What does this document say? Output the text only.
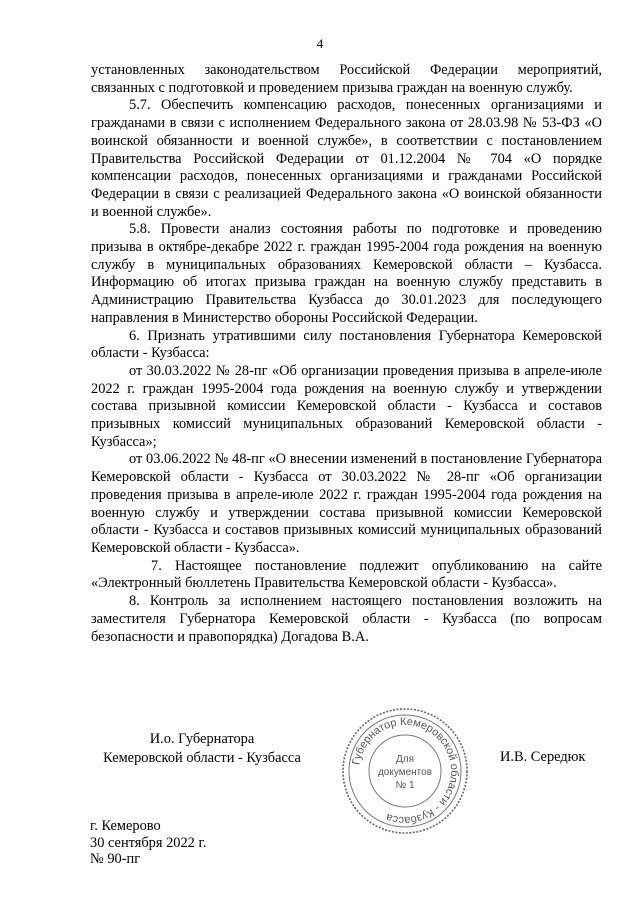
4

установленных законодательством Российской Федерации мероприятий, связанных с подготовкой и проведением призыва граждан на военную службу.

5.7. Обеспечить компенсацию расходов, понесенных организациями и гражданами в связи с исполнением Федерального закона от 28.03.98 № 53-ФЗ «О воинской обязанности и военной службе», в соответствии с постановлением Правительства Российской Федерации от 01.12.2004 № 704 «О порядке компенсации расходов, понесенных организациями и гражданами Российской Федерации в связи с реализацией Федерального закона «О воинской обязанности и военной службе».

5.8. Провести анализ состояния работы по подготовке и проведению призыва в октябре-декабре 2022 г. граждан 1995-2004 года рождения на военную службу в муниципальных образованиях Кемеровской области – Кузбасса. Информацию об итогах призыва граждан на военную службу представить в Администрацию Правительства Кузбасса до 30.01.2023 для последующего направления в Министерство обороны Российской Федерации.

6. Признать утратившими силу постановления Губернатора Кемеровской области - Кузбасса:

от 30.03.2022 № 28-пг «Об организации проведения призыва в апреле-июле 2022 г. граждан 1995-2004 года рождения на военную службу и утверждении состава призывной комиссии Кемеровской области - Кузбасса и составов призывных комиссий муниципальных образований Кемеровской области - Кузбасса»;

от 03.06.2022 № 48-пг «О внесении изменений в постановление Губернатора Кемеровской области - Кузбасса от 30.03.2022 № 28-пг «Об организации проведения призыва в апреле-июле 2022 г. граждан 1995-2004 года рождения на военную службу и утверждении состава призывной комиссии Кемеровской области - Кузбасса и составов призывных комиссий муниципальных образований Кемеровской области - Кузбасса».

7. Настоящее постановление подлежит опубликованию на сайте «Электронный бюллетень Правительства Кемеровской области - Кузбасса».

8. Контроль за исполнением настоящего постановления возложить на заместителя Губернатора Кемеровской области - Кузбасса (по вопросам безопасности и правопорядка) Догадова В.А.

И.о. Губернатора
Кемеровской области - Кузбасса	Губернатор Кемеровской области - Кузбасса
Для
документов
№ 1
И.В. Середюк
г. Кемерово
30 сентября 2022 г.
№ 90-пг
